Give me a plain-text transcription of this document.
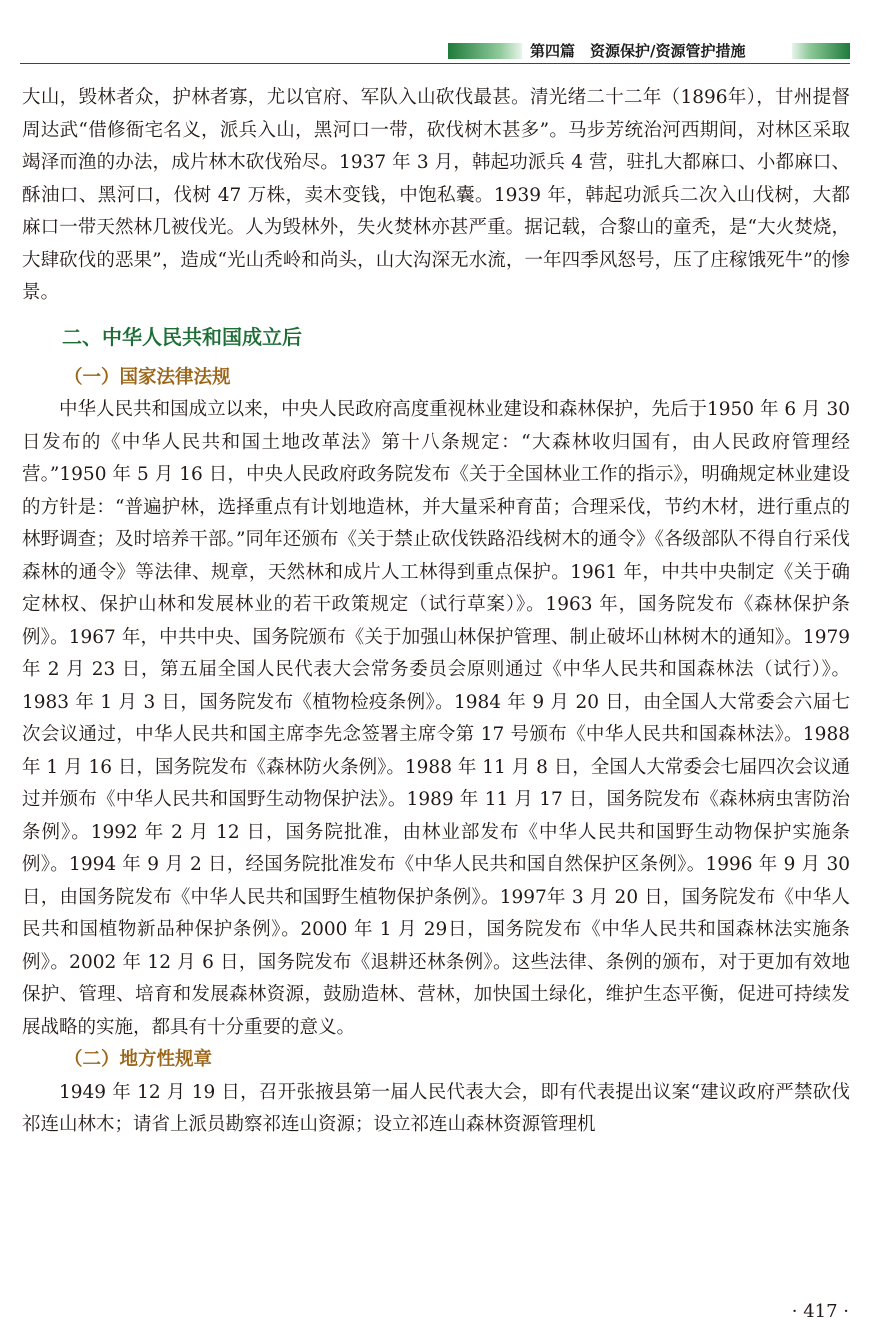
第四篇　资源保护/资源管护措施

大山，毁林者众，护林者寡，尤以官府、军队入山砍伐最甚。清光绪二十二年（1896年），甘州提督周达武“借修衙宅名义，派兵入山，黑河口一带，砍伐树木甚多”。马步芳统治河西期间，对林区采取竭泽而渔的办法，成片林木砍伐殆尽。1937 年 3 月，韩起功派兵 4 营，驻扎大都麻口、小都麻口、酥油口、黑河口，伐树 47 万株，卖木变钱，中饱私囊。1939 年，韩起功派兵二次入山伐树，大都麻口一带天然林几被伐光。人为毁林外，失火焚林亦甚严重。据记载，合黎山的童秃，是“大火焚烧，大肆砍伐的恶果”，造成“光山秃岭和尚头，山大沟深无水流，一年四季风怒号，压了庄稼饿死牛”的惨景。

二、中华人民共和国成立后
（一）国家法律法规

中华人民共和国成立以来，中央人民政府高度重视林业建设和森林保护，先后于1950 年 6 月 30 日发布的《中华人民共和国土地改革法》第十八条规定：“大森林收归国有，由人民政府管理经营。”1950 年 5 月 16 日，中央人民政府政务院发布《关于全国林业工作的指示》，明确规定林业建设的方针是：“普遍护林，选择重点有计划地造林，并大量采种育苗；合理采伐，节约木材，进行重点的林野调查；及时培养干部。”同年还颁布《关于禁止砍伐铁路沿线树木的通令》《各级部队不得自行采伐森林的通令》等法律、规章，天然林和成片人工林得到重点保护。1961 年，中共中央制定《关于确定林权、保护山林和发展林业的若干政策规定（试行草案）》。1963 年，国务院发布《森林保护条例》。1967 年，中共中央、国务院颁布《关于加强山林保护管理、制止破坏山林树木的通知》。1979 年 2 月 23 日，第五届全国人民代表大会常务委员会原则通过《中华人民共和国森林法（试行）》。1983 年 1 月 3 日，国务院发布《植物检疫条例》。1984 年 9 月 20 日，由全国人大常委会六届七次会议通过，中华人民共和国主席李先念签署主席令第 17 号颁布《中华人民共和国森林法》。1988 年 1 月 16 日，国务院发布《森林防火条例》。1988 年 11 月 8 日，全国人大常委会七届四次会议通过并颁布《中华人民共和国野生动物保护法》。1989 年 11 月 17 日，国务院发布《森林病虫害防治条例》。1992 年 2 月 12 日，国务院批准，由林业部发布《中华人民共和国野生动物保护实施条例》。1994 年 9 月 2 日，经国务院批准发布《中华人民共和国自然保护区条例》。1996 年 9 月 30 日，由国务院发布《中华人民共和国野生植物保护条例》。1997年 3 月 20 日，国务院发布《中华人民共和国植物新品种保护条例》。2000 年 1 月 29日，国务院发布《中华人民共和国森林法实施条例》。2002 年 12 月 6 日，国务院发布《退耕还林条例》。这些法律、条例的颁布，对于更加有效地保护、管理、培育和发展森林资源，鼓励造林、营林，加快国土绿化，维护生态平衡，促进可持续发展战略的实施，都具有十分重要的意义。

（二）地方性规章

1949 年 12 月 19 日，召开张掖县第一届人民代表大会，即有代表提出议案“建议政府严禁砍伐祁连山林木；请省上派员勘察祁连山资源；设立祁连山森林资源管理机

· 417 ·
